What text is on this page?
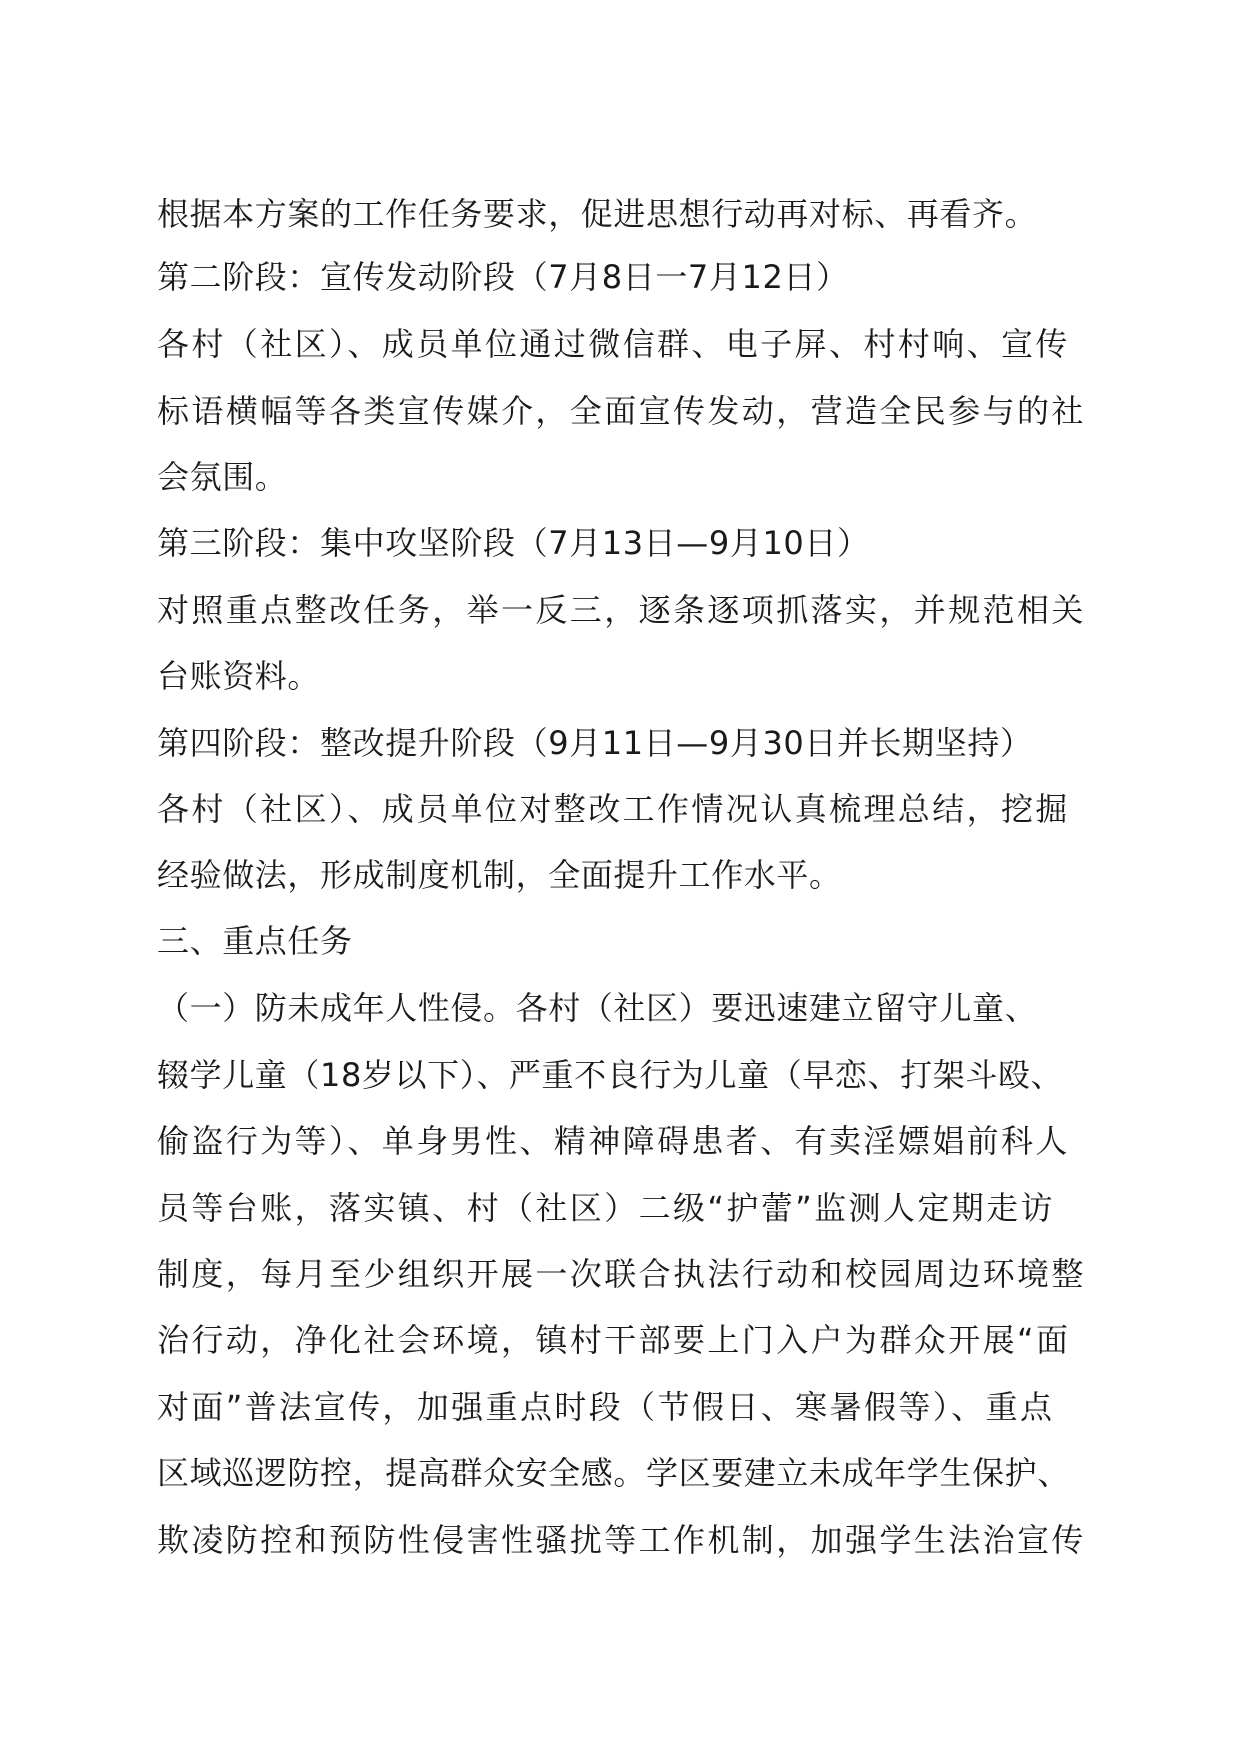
根据本方案的工作任务要求，促进思想行动再对标、再看齐。
第二阶段：宣传发动阶段（7月8日一7月12日）
各村（社区）、成员单位通过微信群、电子屏、村村响、宣传
标语横幅等各类宣传媒介，全面宣传发动，营造全民参与的社
会氛围。
第三阶段：集中攻坚阶段（7月13日—9月10日）
对照重点整改任务，举一反三，逐条逐项抓落实，并规范相关
台账资料。
第四阶段：整改提升阶段（9月11日—9月30日并长期坚持）
各村（社区）、成员单位对整改工作情况认真梳理总结，挖掘
经验做法，形成制度机制，全面提升工作水平。
三、重点任务
（一）防未成年人性侵。各村（社区）要迅速建立留守儿童、
辍学儿童（18岁以下）、严重不良行为儿童（早恋、打架斗殴、
偷盗行为等）、单身男性、精神障碍患者、有卖淫嫖娼前科人
员等台账，落实镇、村（社区）二级“护蕾”监测人定期走访
制度，每月至少组织开展一次联合执法行动和校园周边环境整
治行动，净化社会环境，镇村干部要上门入户为群众开展“面
对面”普法宣传，加强重点时段（节假日、寒暑假等）、重点
区域巡逻防控，提高群众安全感。学区要建立未成年学生保护、
欺凌防控和预防性侵害性骚扰等工作机制，加强学生法治宣传
